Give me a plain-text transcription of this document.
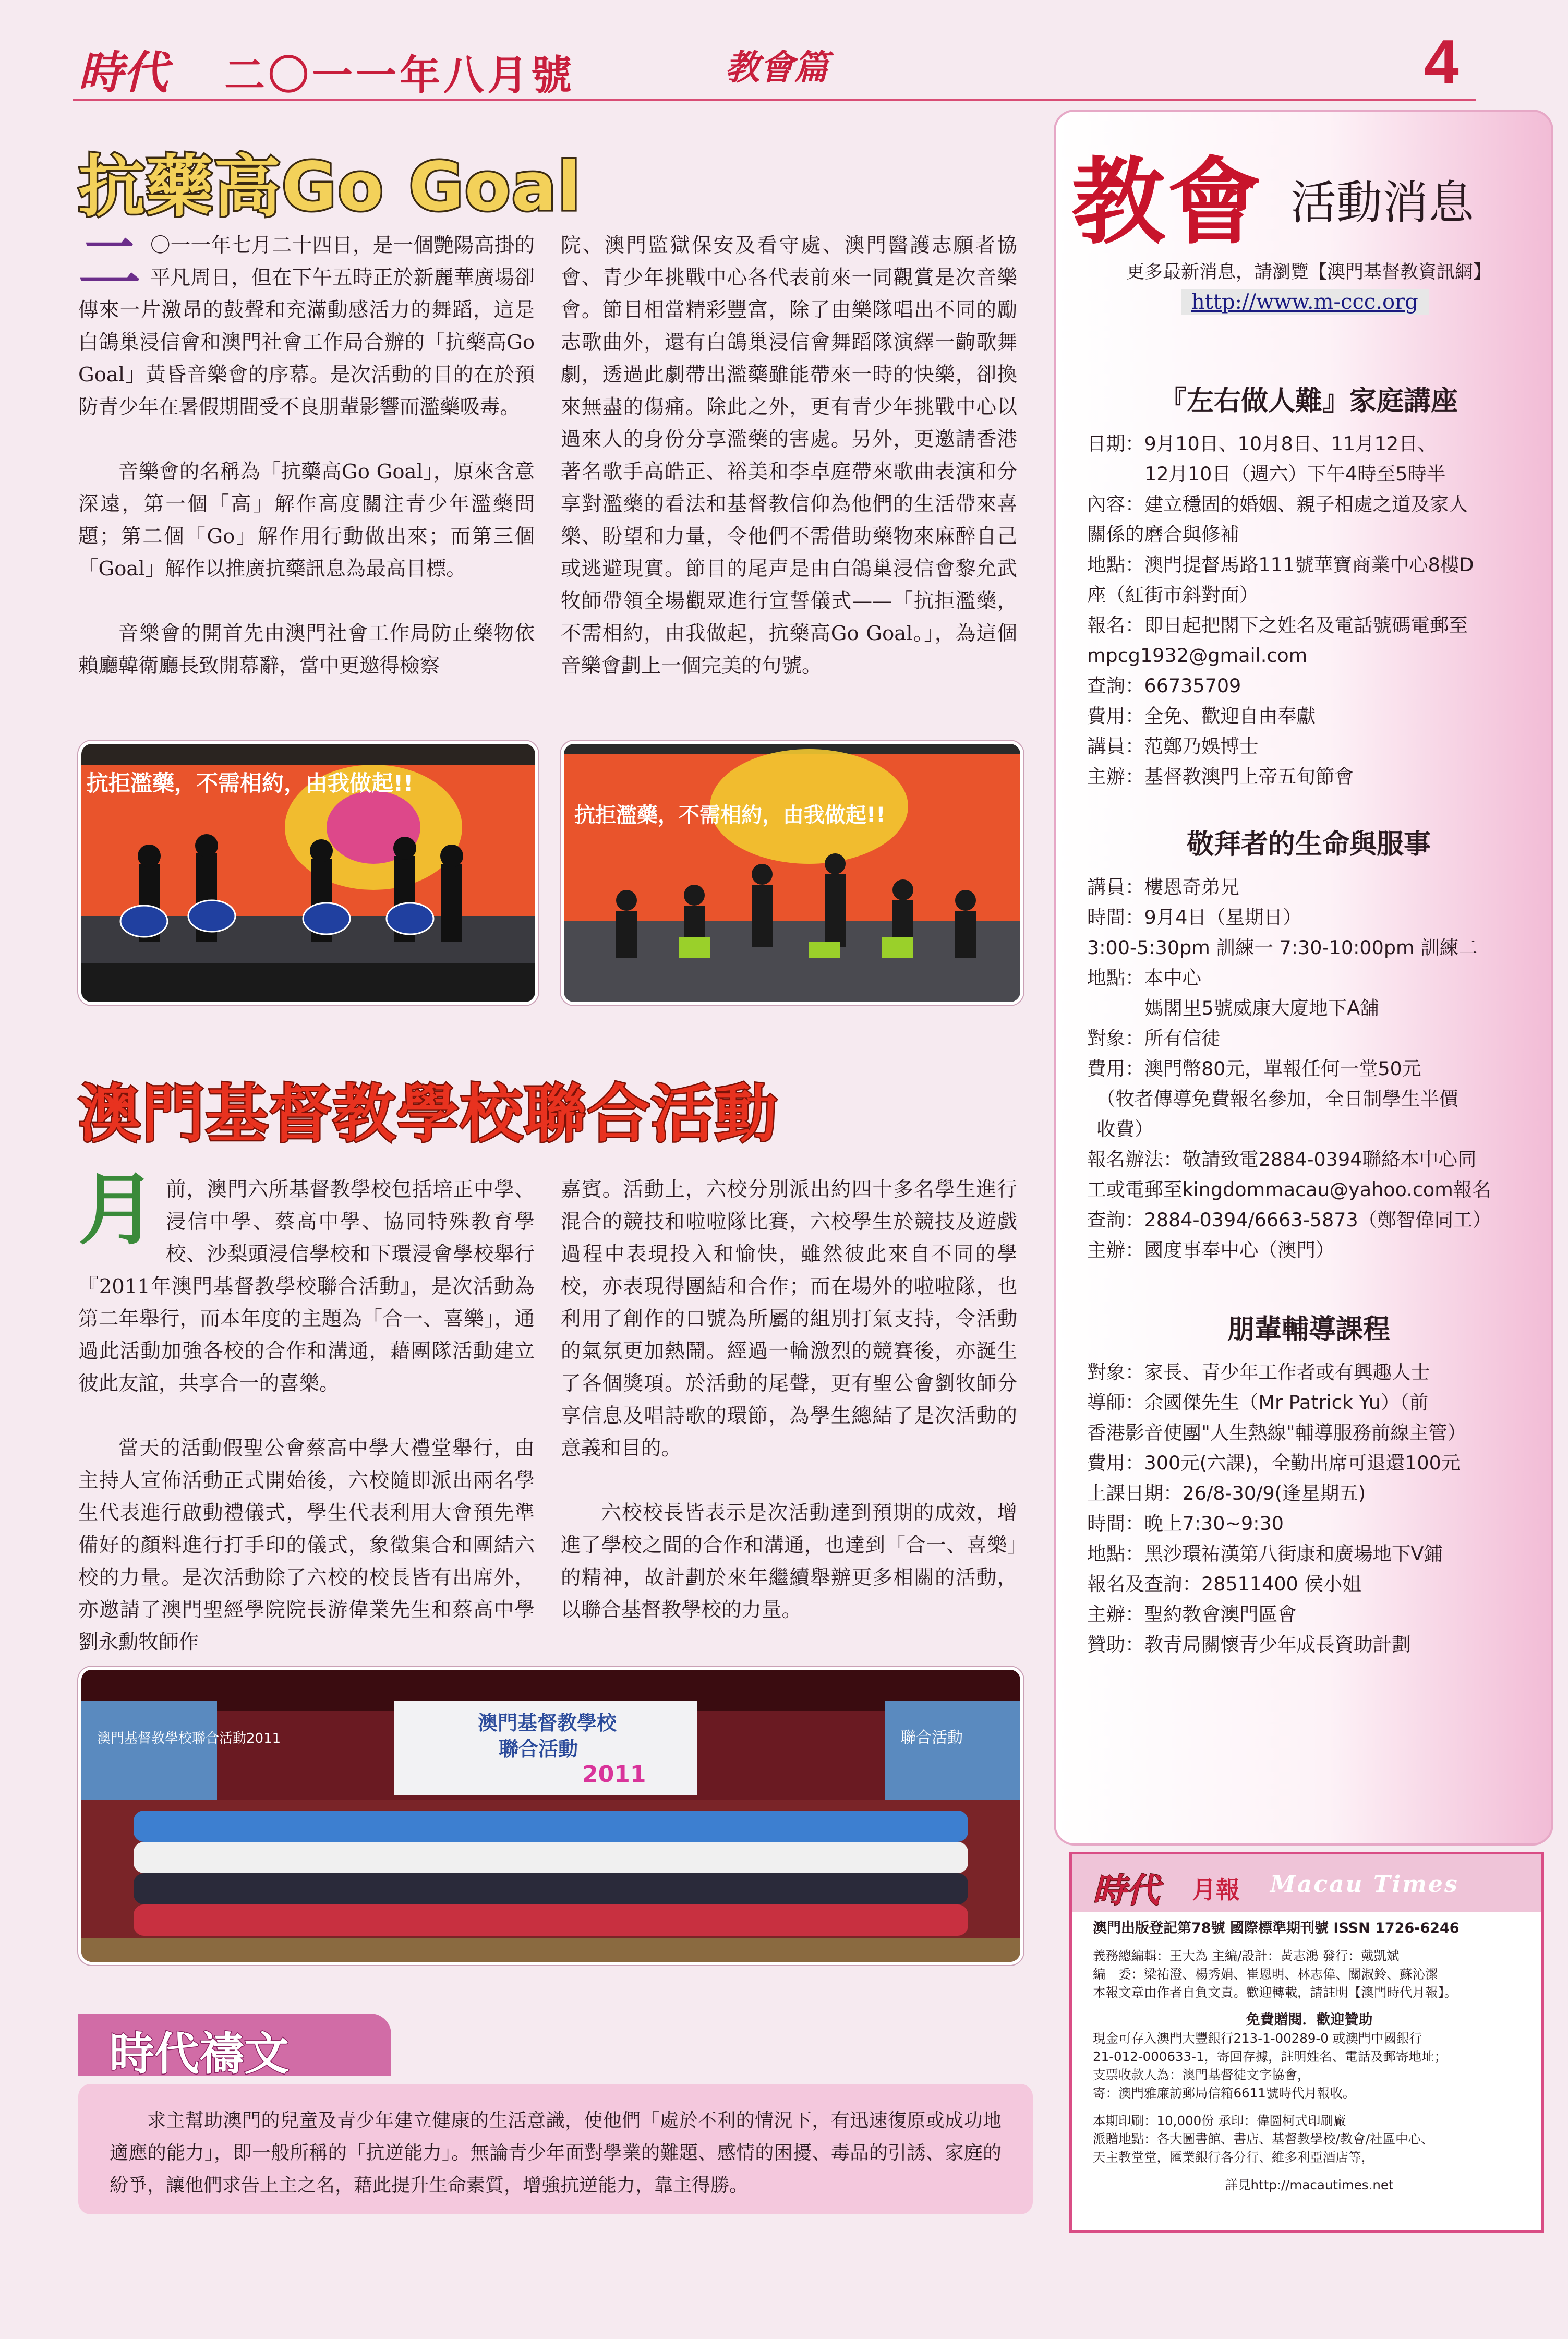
時代 二〇一一年八月號	教會篇	4
抗藥高Go Goal

二 〇一一年七月二十四日，是一個艷陽高掛的平凡周日，但在下午五時正於新麗華廣場卻傳來一片激昂的鼓聲和充滿動感活力的舞蹈，這是白鴿巢浸信會和澳門社會工作局合辦的「抗藥高Go Goal」黃昏音樂會的序幕。是次活動的目的在於預防青少年在暑假期間受不良朋輩影響而濫藥吸毒。

音樂會的名稱為「抗藥高Go Goal」，原來含意深遠，第一個「高」解作高度關注青少年濫藥問題；第二個「Go」解作用行動做出來；而第三個「Goal」解作以推廣抗藥訊息為最高目標。

音樂會的開首先由澳門社會工作局防止藥物依賴廳韓衛廳長致開幕辭，當中更邀得檢察

院、澳門監獄保安及看守處、澳門醫護志願者協會、青少年挑戰中心各代表前來一同觀賞是次音樂會。節目相當精彩豐富，除了由樂隊唱出不同的勵志歌曲外，還有白鴿巢浸信會舞蹈隊演繹一齣歌舞劇，透過此劇帶出濫藥雖能帶來一時的快樂，卻換來無盡的傷痛。除此之外，更有青少年挑戰中心以過來人的身份分享濫藥的害處。另外，更邀請香港著名歌手高皓正、裕美和李卓庭帶來歌曲表演和分享對濫藥的看法和基督教信仰為他們的生活帶來喜樂、盼望和力量，令他們不需借助藥物來麻醉自己或逃避現實。節目的尾声是由白鴿巢浸信會黎允武牧師帶領全場觀眾進行宣誓儀式——「抗拒濫藥，不需相約，由我做起，抗藥高Go Goal。」，為這個音樂會劃上一個完美的句號。

抗拒濫藥，不需相約，由我做起!!
抗拒濫藥，不需相約，由我做起!!
澳門基督教學校聯合活動

月前，澳門六所基督教學校包括培正中學、浸信中學、蔡高中學、協同特殊教育學校、沙梨頭浸信學校和下環浸會學校舉行『2011年澳門基督教學校聯合活動』，是次活動為第二年舉行，而本年度的主題為「合一、喜樂」，通過此活動加強各校的合作和溝通，藉團隊活動建立彼此友誼，共享合一的喜樂。

當天的活動假聖公會蔡高中學大禮堂舉行，由主持人宣佈活動正式開始後，六校隨即派出兩名學生代表進行啟動禮儀式，學生代表利用大會預先準備好的顏料進行打手印的儀式，象徵集合和團結六校的力量。是次活動除了六校的校長皆有出席外，亦邀請了澳門聖經學院院長游偉業先生和蔡高中學劉永勳牧師作

嘉賓。活動上，六校分別派出約四十多名學生進行混合的競技和啦啦隊比賽，六校學生於競技及遊戲過程中表現投入和愉快，雖然彼此來自不同的學校，亦表現得團結和合作；而在場外的啦啦隊，也利用了創作的口號為所屬的組別打氣支持，令活動的氣氛更加熱鬧。經過一輪激烈的競賽後，亦誕生了各個獎項。於活動的尾聲，更有聖公會劉牧師分享信息及唱詩歌的環節，為學生總結了是次活動的意義和目的。

六校校長皆表示是次活動達到預期的成效，增進了學校之間的合作和溝通，也達到「合一、喜樂」的精神，故計劃於來年繼續舉辦更多相關的活動，以聯合基督教學校的力量。

澳門基督教學校聯合活動2011	聯合活動
澳門基督教學校
聯合活動
2011
時代禱文
求主幫助澳門的兒童及青少年建立健康的生活意識，使他們「處於不利的情況下，有迅速復原或成功地適應的能力」，即一般所稱的「抗逆能力」。無論青少年面對學業的難題、感情的困擾、毒品的引誘、家庭的紛爭，讓他們求告上主之名，藉此提升生命素質，增強抗逆能力，靠主得勝。
教會 活動消息
更多最新消息，請瀏覽【澳門基督教資訊網】
http://www.m-ccc.org
『左右做人難』家庭講座
日期：9月10日、10月8日、11月12日、
12月10日（週六）下午4時至5時半
內容：建立穩固的婚姻、親子相處之道及家人
關係的磨合與修補
地點：澳門提督馬路111號華寶商業中心8樓D
座（紅街市斜對面）
報名：即日起把閣下之姓名及電話號碼電郵至
mpcg1932@gmail.com
查詢：66735709
費用：全免、歡迎自由奉獻
講員：范鄭乃娛博士
主辦：基督教澳門上帝五旬節會
敬拜者的生命與服事
講員：樓恩奇弟兄
時間：9月4日（星期日）
3:00-5:30pm 訓練一 7:30-10:00pm 訓練二
地點：本中心
媽閣里5號威康大廈地下A舖
對象：所有信徒
費用：澳門幣80元，單報任何一堂50元
（牧者傳導免費報名參加，全日制學生半價
收費）
報名辦法：敬請致電2884-0394聯絡本中心同
工或電郵至kingdommacau@yahoo.com報名
查詢：2884-0394/6663-5873（鄭智偉同工）
主辦：國度事奉中心（澳門）
朋輩輔導課程
對象：家長、青少年工作者或有興趣人士
導師：余國傑先生（Mr Patrick Yu）（前
香港影音使團"人生熱線"輔導服務前線主管）
費用：300元(六課)，全勤出席可退還100元
上課日期：26/8-30/9(逢星期五)
時間：晚上7:30~9:30
地點：黑沙環祐漢第八街康和廣場地下V鋪
報名及查詢：28511400 侯小姐
主辦：聖約教會澳門區會
贊助：教青局關懷青少年成長資助計劃
時代 月報 Macau Times
澳門出版登記第78號 國際標準期刊號 ISSN 1726-6246
義務總編輯：王大為 主編/設計：黃志鴻 發行：戴凱斌
編　委：梁祐澄、楊秀娟、崔恩明、林志偉、關淑鈴、蘇沁潔
本報文章由作者自負文責。歡迎轉載，請註明【澳門時代月報】。
免費贈閱．歡迎贊助
現金可存入澳門大豐銀行213-1-00289-0 或澳門中國銀行
21-012-000633-1，寄回存據，註明姓名、電話及郵寄地址；
支票收款人為：澳門基督徒文字協會，
寄：澳門雅廉訪郵局信箱6611號時代月報收。
本期印刷：10,000份 承印：偉圖柯式印刷廠
派贈地點：各大圖書館、書店、基督教學校/教會/社區中心、
天主教堂堂，匯業銀行各分行、維多利亞酒店等，
詳見http://macautimes.net
